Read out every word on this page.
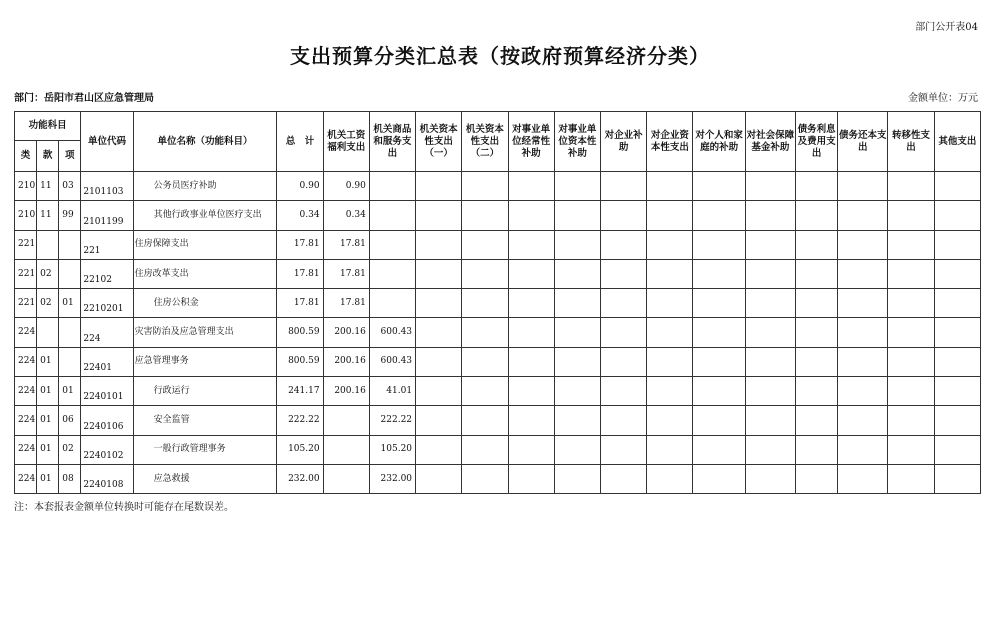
部门公开表04
支出预算分类汇总表（按政府预算经济分类）
部门：岳阳市君山区应急管理局	金额单位：万元
功能科目			单位代码	单位名称（功能科目）	总　计	机关工资福利支出	机关商品和服务支出	机关资本性支出（一）	机关资本性支出（二）	对事业单位经常性补助	对事业单位资本性补助	对企业补助	对企业资本性支出	对个人和家庭的补助	对社会保障基金补助	债务利息及费用支出	债务还本支出	转移性支出	其他支出
类	款	项																	
210	11	03	2101103	公务员医疗补助	0.90	0.90													
210	11	99	2101199	其他行政事业单位医疗支出	0.34	0.34													
221			221	住房保障支出	17.81	17.81													
221	02		22102	住房改革支出	17.81	17.81													
221	02	01	2210201	住房公积金	17.81	17.81													
224			224	灾害防治及应急管理支出	800.59	200.16	600.43												
224	01		22401	应急管理事务	800.59	200.16	600.43												
224	01	01	2240101	行政运行	241.17	200.16	41.01												
224	01	06	2240106	安全监管	222.22		222.22												
224	01	02	2240102	一般行政管理事务	105.20		105.20												
224	01	08	2240108	应急救援	232.00		232.00												
注：本套报表金额单位转换时可能存在尾数误差。
